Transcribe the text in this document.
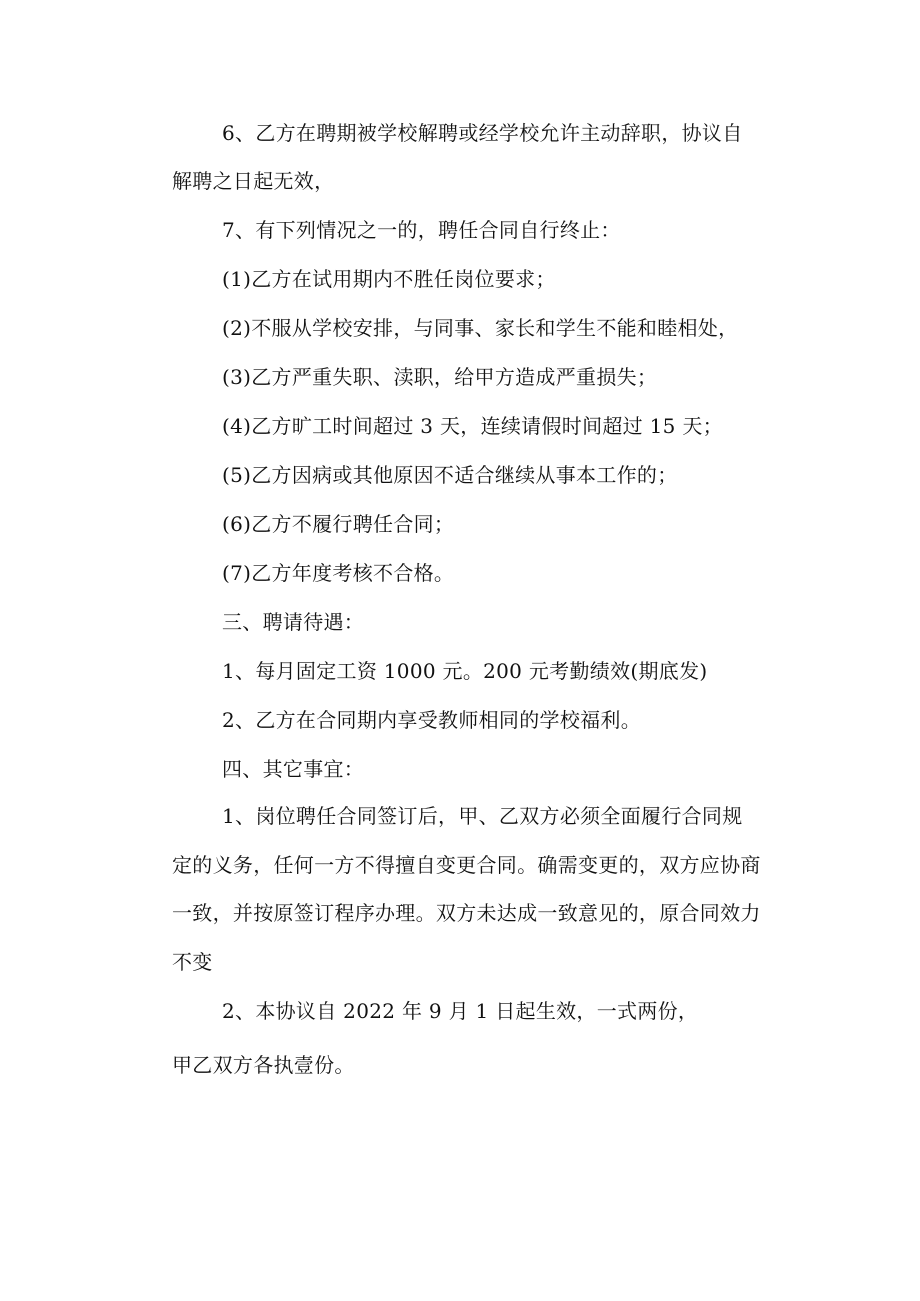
6、乙方在聘期被学校解聘或经学校允许主动辞职，协议自
解聘之日起无效，
7、有下列情况之一的，聘任合同自行终止：
(1)乙方在试用期内不胜任岗位要求；
(2)不服从学校安排，与同事、家长和学生不能和睦相处，
(3)乙方严重失职、渎职，给甲方造成严重损失；
(4)乙方旷工时间超过 3 天，连续请假时间超过 15 天；
(5)乙方因病或其他原因不适合继续从事本工作的；
(6)乙方不履行聘任合同；
(7)乙方年度考核不合格。
三、聘请待遇：
1、每月固定工资 1000 元。200 元考勤绩效(期底发)
2、乙方在合同期内享受教师相同的学校福利。
四、其它事宜：
1、岗位聘任合同签订后，甲、乙双方必须全面履行合同规
定的义务，任何一方不得擅自变更合同。确需变更的，双方应协商
一致，并按原签订程序办理。双方未达成一致意见的，原合同效力
不变
2、本协议自 2022 年 9 月 1 日起生效，一式两份，
甲乙双方各执壹份。
